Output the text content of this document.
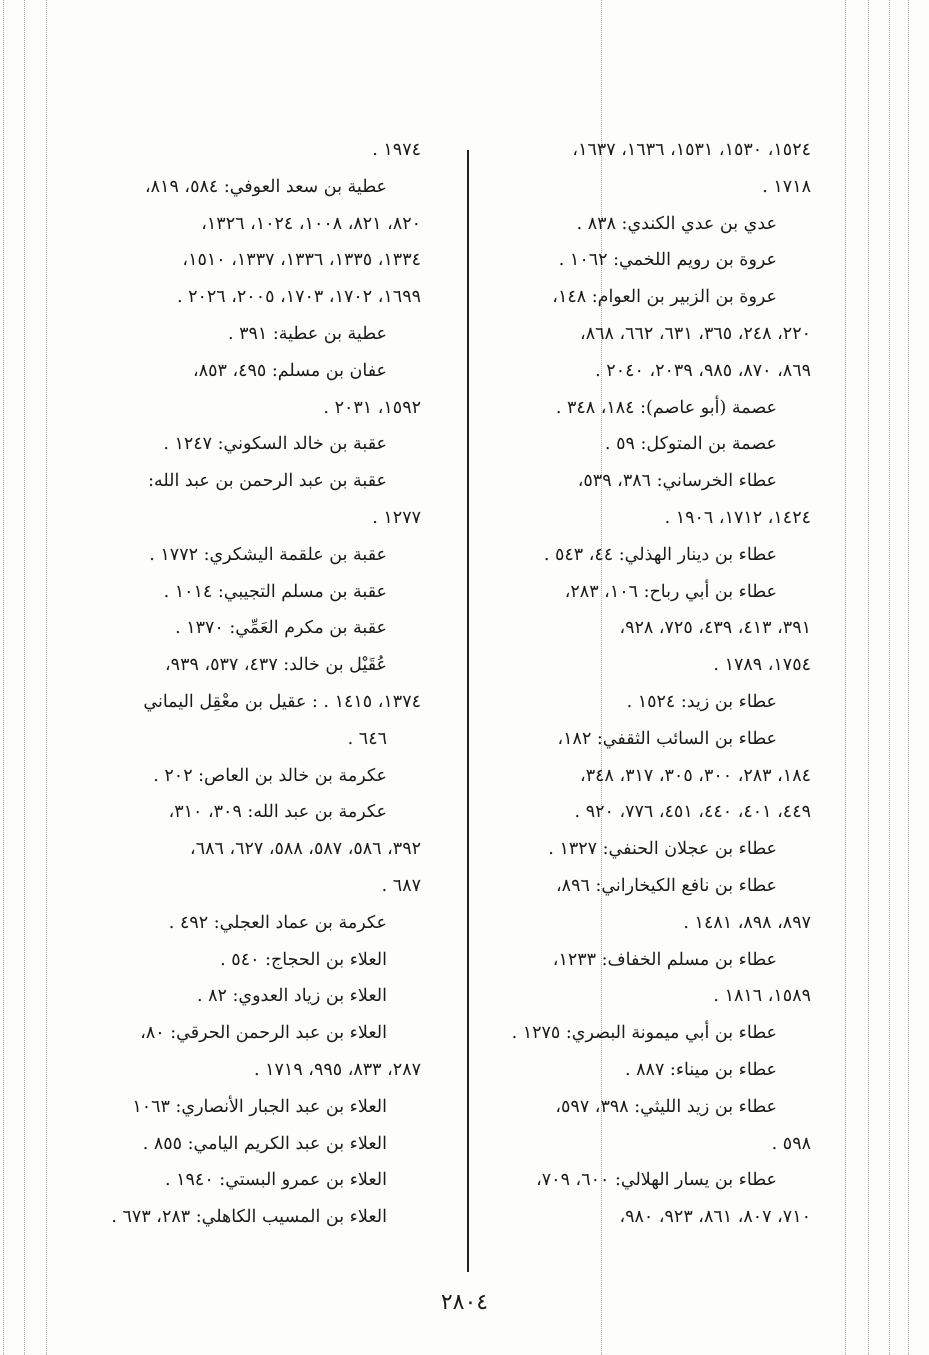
١٥٢٤، ١٥٣٠، ١٥٣١، ١٦٣٦، ١٦٣٧،
١٧١٨ .
عدي بن عدي الكندي: ٨٣٨ .
عروة بن رويم اللخمي: ١٠٦٢ .
عروة بن الزبير بن العوام: ١٤٨،
٢٢٠، ٢٤٨، ٣٦٥، ٦٣١، ٦٦٢، ٨٦٨،
٨٦٩، ٨٧٠، ٩٨٥، ٢٠٣٩، ٢٠٤٠ .
عصمة (أبو عاصم): ١٨٤، ٣٤٨ .
عصمة بن المتوكل: ٥٩ .
عطاء الخرساني: ٣٨٦، ٥٣٩،
١٤٢٤، ١٧١٢، ١٩٠٦ .
عطاء بن دينار الهذلي: ٤٤، ٥٤٣ .
عطاء بن أبي رباح: ١٠٦، ٢٨٣،
٣٩١، ٤١٣، ٤٣٩، ٧٢٥، ٩٢٨،
١٧٥٤، ١٧٨٩ .
عطاء بن زيد: ١٥٢٤ .
عطاء بن السائب الثقفي: ١٨٢،
١٨٤، ٢٨٣، ٣٠٠، ٣٠٥، ٣١٧، ٣٤٨،
٤٤٩، ٤٠١، ٤٤٠، ٤٥١، ٧٧٦، ٩٢٠ .
عطاء بن عجلان الحنفي: ١٣٢٧ .
عطاء بن نافع الكيخاراني: ٨٩٦،
٨٩٧، ٨٩٨، ١٤٨١ .
عطاء بن مسلم الخفاف: ١٢٣٣،
١٥٨٩، ١٨١٦ .
عطاء بن أبي ميمونة البصري: ١٢٧٥ .
عطاء بن ميناء: ٨٨٧ .
عطاء بن زيد الليثي: ٣٩٨، ٥٩٧،
٥٩٨ .
عطاء بن يسار الهلالي: ٦٠٠، ٧٠٩،
٧١٠، ٨٠٧، ٨٦١، ٩٢٣، ٩٨٠،
١٩٧٤ .
عطية بن سعد العوفي: ٥٨٤، ٨١٩،
٨٢٠، ٨٢١، ١٠٠٨، ١٠٢٤، ١٣٢٦،
١٣٣٤، ١٣٣٥، ١٣٣٦، ١٣٣٧، ١٥١٠،
١٦٩٩، ١٧٠٢، ١٧٠٣، ٢٠٠٥، ٢٠٢٦ .
عطية بن عطية: ٣٩١ .
عفان بن مسلم: ٤٩٥، ٨٥٣،
١٥٩٢، ٢٠٣١ .
عقبة بن خالد السكوني: ١٢٤٧ .
عقبة بن عبد الرحمن بن عبد الله:
١٢٧٧ .
عقبة بن علقمة اليشكري: ١٧٧٢ .
عقبة بن مسلم التجيبي: ١٠١٤ .
عقبة بن مكرم العَمِّي: ١٣٧٠ .
عُقَيْل بن خالد: ٤٣٧، ٥٣٧، ٩٣٩،
١٣٧٤، ١٤١٥ . : عقيل بن معْقِل اليماني
٦٤٦ .
عكرمة بن خالد بن العاص: ٢٠٢ .
عكرمة بن عبد الله: ٣٠٩، ٣١٠،
٣٩٢، ٥٨٦، ٥٨٧، ٥٨٨، ٦٢٧، ٦٨٦،
٦٨٧ .
عكرمة بن عماد العجلي: ٤٩٢ .
العلاء بن الحجاج: ٥٤٠ .
العلاء بن زياد العدوي: ٨٢ .
العلاء بن عبد الرحمن الحرقي: ٨٠،
٢٨٧، ٨٣٣، ٩٩٥، ١٧١٩ .
العلاء بن عبد الجبار الأنصاري: ١٠٦٣
العلاء بن عبد الكريم اليامي: ٨٥٥ .
العلاء بن عمرو البستي: ١٩٤٠ .
العلاء بن المسيب الكاهلي: ٢٨٣، ٦٧٣ .
٢٨٠٤
